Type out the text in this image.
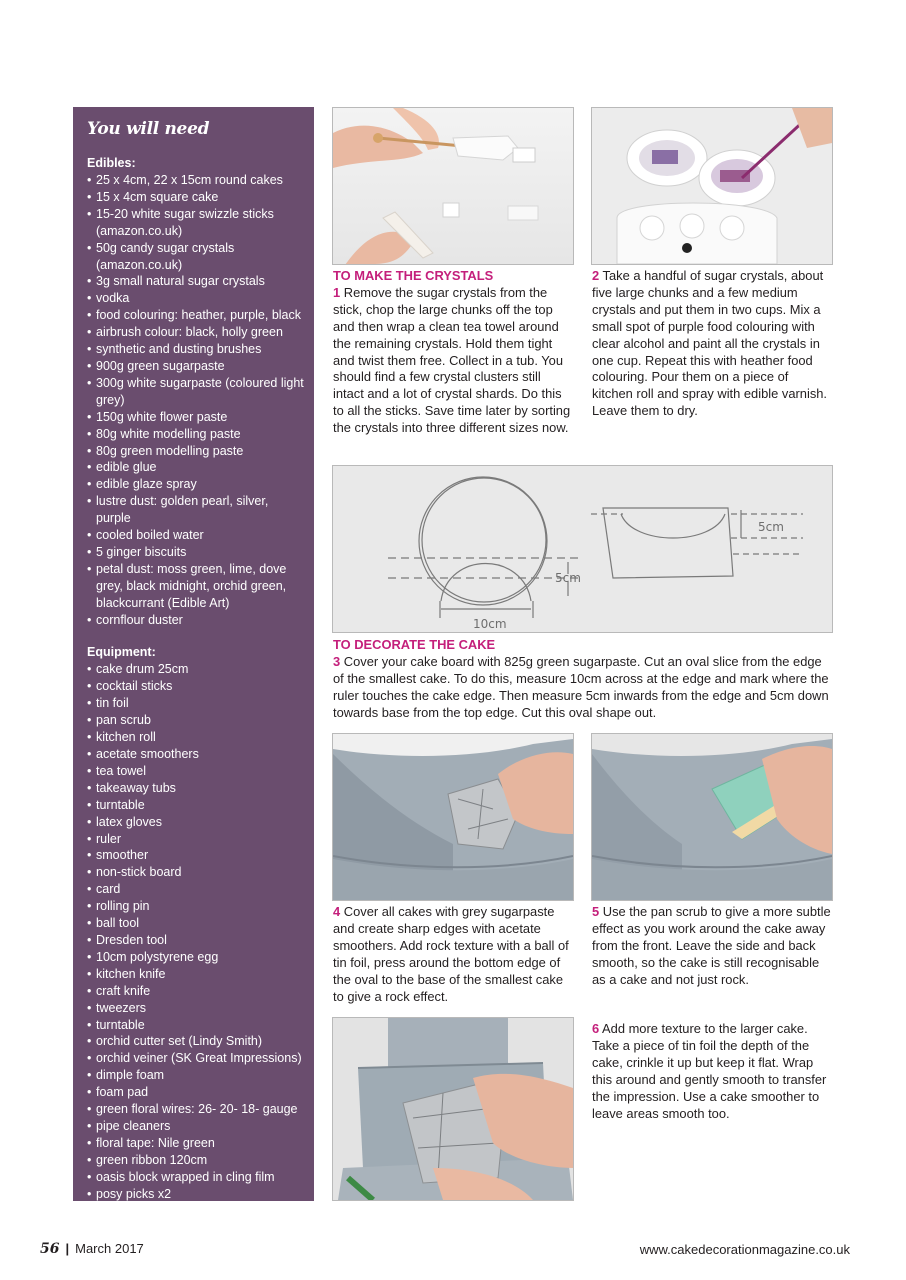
You will need

Edibles:

• 25 x 4cm, 22 x 15cm round cakes
• 15 x 4cm square cake
• 15-20 white sugar swizzle sticks (amazon.co.uk)
• 50g candy sugar crystals (amazon.co.uk)
• 3g small natural sugar crystals
• vodka
• food colouring: heather, purple, black
• airbrush colour: black, holly green
• synthetic and dusting brushes
• 900g green sugarpaste
• 300g white sugarpaste (coloured light grey)
• 150g white flower paste
• 80g white modelling paste
• 80g green modelling paste
• edible glue
• edible glaze spray
• lustre dust: golden pearl, silver, purple
• cooled boiled water
• 5 ginger biscuits
• petal dust: moss green, lime, dove grey, black midnight, orchid green, blackcurrant (Edible Art)
• cornflour duster

Equipment:

• cake drum 25cm
• cocktail sticks
• tin foil
• pan scrub
• kitchen roll
• acetate smoothers
• tea towel
• takeaway tubs
• turntable
• latex gloves
• ruler
• smoother
• non-stick board
• card
• rolling pin
• ball tool
• Dresden tool
• 10cm polystyrene egg
• kitchen knife
• craft knife
• tweezers
• turntable
• orchid cutter set (Lindy Smith)
• orchid veiner (SK Great Impressions)
• dimple foam
• foam pad
• green floral wires: 26- 20- 18- gauge
• pipe cleaners
• floral tape: Nile green
• green ribbon 120cm
• oasis block wrapped in cling film
• posy picks x2

TO MAKE THE CRYSTALS

1 Remove the sugar crystals from the stick, chop the large chunks off the top and then wrap a clean tea towel around the remaining crystals. Hold them tight and twist them free. Collect in a tub. You should find a few crystal clusters still intact and a lot of crystal shards. Do this to all the sticks. Save time later by sorting the crystals into three different sizes now.

2 Take a handful of sugar crystals, about five large chunks and a few medium crystals and put them in two cups. Mix a small spot of purple food colouring with clear alcohol and paint all the crystals in one cup. Repeat this with heather food colouring. Pour them on a piece of kitchen roll and spray with edible varnish. Leave them to dry.

5cm
5cm
10cm

TO DECORATE THE CAKE

3 Cover your cake board with 825g green sugarpaste. Cut an oval slice from the edge of the smallest cake. To do this, measure 10cm across at the edge and mark where the ruler touches the cake edge. Then measure 5cm inwards from the edge and 5cm down towards base from the top edge. Cut this oval shape out.

4 Cover all cakes with grey sugarpaste and create sharp edges with acetate smoothers. Add rock texture with a ball of tin foil, press around the bottom edge of the oval to the base of the smallest cake to give a rock effect.

5 Use the pan scrub to give a more subtle effect as you work around the cake away from the front. Leave the side and back smooth, so the cake is still recognisable as a cake and not just rock.

6 Add more texture to the larger cake. Take a piece of tin foil the depth of the cake, crinkle it up but keep it flat. Wrap this around and gently smooth to transfer the impression. Use a cake smoother to leave areas smooth too.

56 | March 2017	www.cakedecorationmagazine.co.uk
